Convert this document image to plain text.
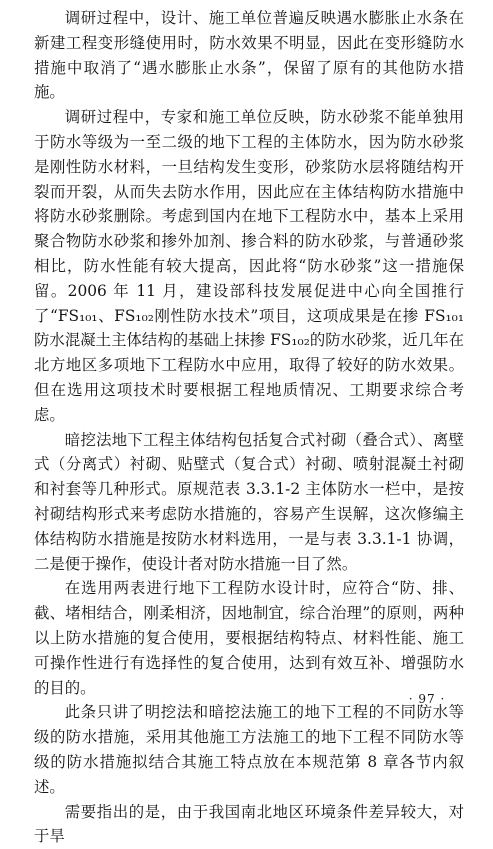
调研过程中，设计、施工单位普遍反映遇水膨胀止水条在新建工程变形缝使用时，防水效果不明显，因此在变形缝防水措施中取消了“遇水膨胀止水条”，保留了原有的其他防水措施。

调研过程中，专家和施工单位反映，防水砂浆不能单独用于防水等级为一至二级的地下工程的主体防水，因为防水砂浆是刚性防水材料，一旦结构发生变形，砂浆防水层将随结构开裂而开裂，从而失去防水作用，因此应在主体结构防水措施中将防水砂浆删除。考虑到国内在地下工程防水中，基本上采用聚合物防水砂浆和掺外加剂、掺合料的防水砂浆，与普通砂浆相比，防水性能有较大提高，因此将“防水砂浆”这一措施保留。2006 年 11 月，建设部科技发展促进中心向全国推行了“FS₁₀₁、FS₁₀₂刚性防水技术”项目，这项成果是在掺 FS₁₀₁ 防水混凝土主体结构的基础上抹掺 FS₁₀₂的防水砂浆，近几年在北方地区多项地下工程防水中应用，取得了较好的防水效果。但在选用这项技术时要根据工程地质情况、工期要求综合考虑。

暗挖法地下工程主体结构包括复合式衬砌（叠合式）、离壁式（分离式）衬砌、贴壁式（复合式）衬砌、喷射混凝土衬砌和衬套等几种形式。原规范表 3.3.1-2 主体防水一栏中，是按衬砌结构形式来考虑防水措施的，容易产生误解，这次修编主体结构防水措施是按防水材料选用，一是与表 3.3.1-1 协调，二是便于操作，使设计者对防水措施一目了然。

在选用两表进行地下工程防水设计时，应符合“防、排、截、堵相结合，刚柔相济，因地制宜，综合治理”的原则，两种以上防水措施的复合使用，要根据结构特点、材料性能、施工可操作性进行有选择性的复合使用，达到有效互补、增强防水的目的。

此条只讲了明挖法和暗挖法施工的地下工程的不同防水等级的防水措施，采用其他施工方法施工的地下工程不同防水等级的防水措施拟结合其施工特点放在本规范第 8 章各节内叙述。

需要指出的是，由于我国南北地区环境条件差异较大，对于旱

· 97 ·
